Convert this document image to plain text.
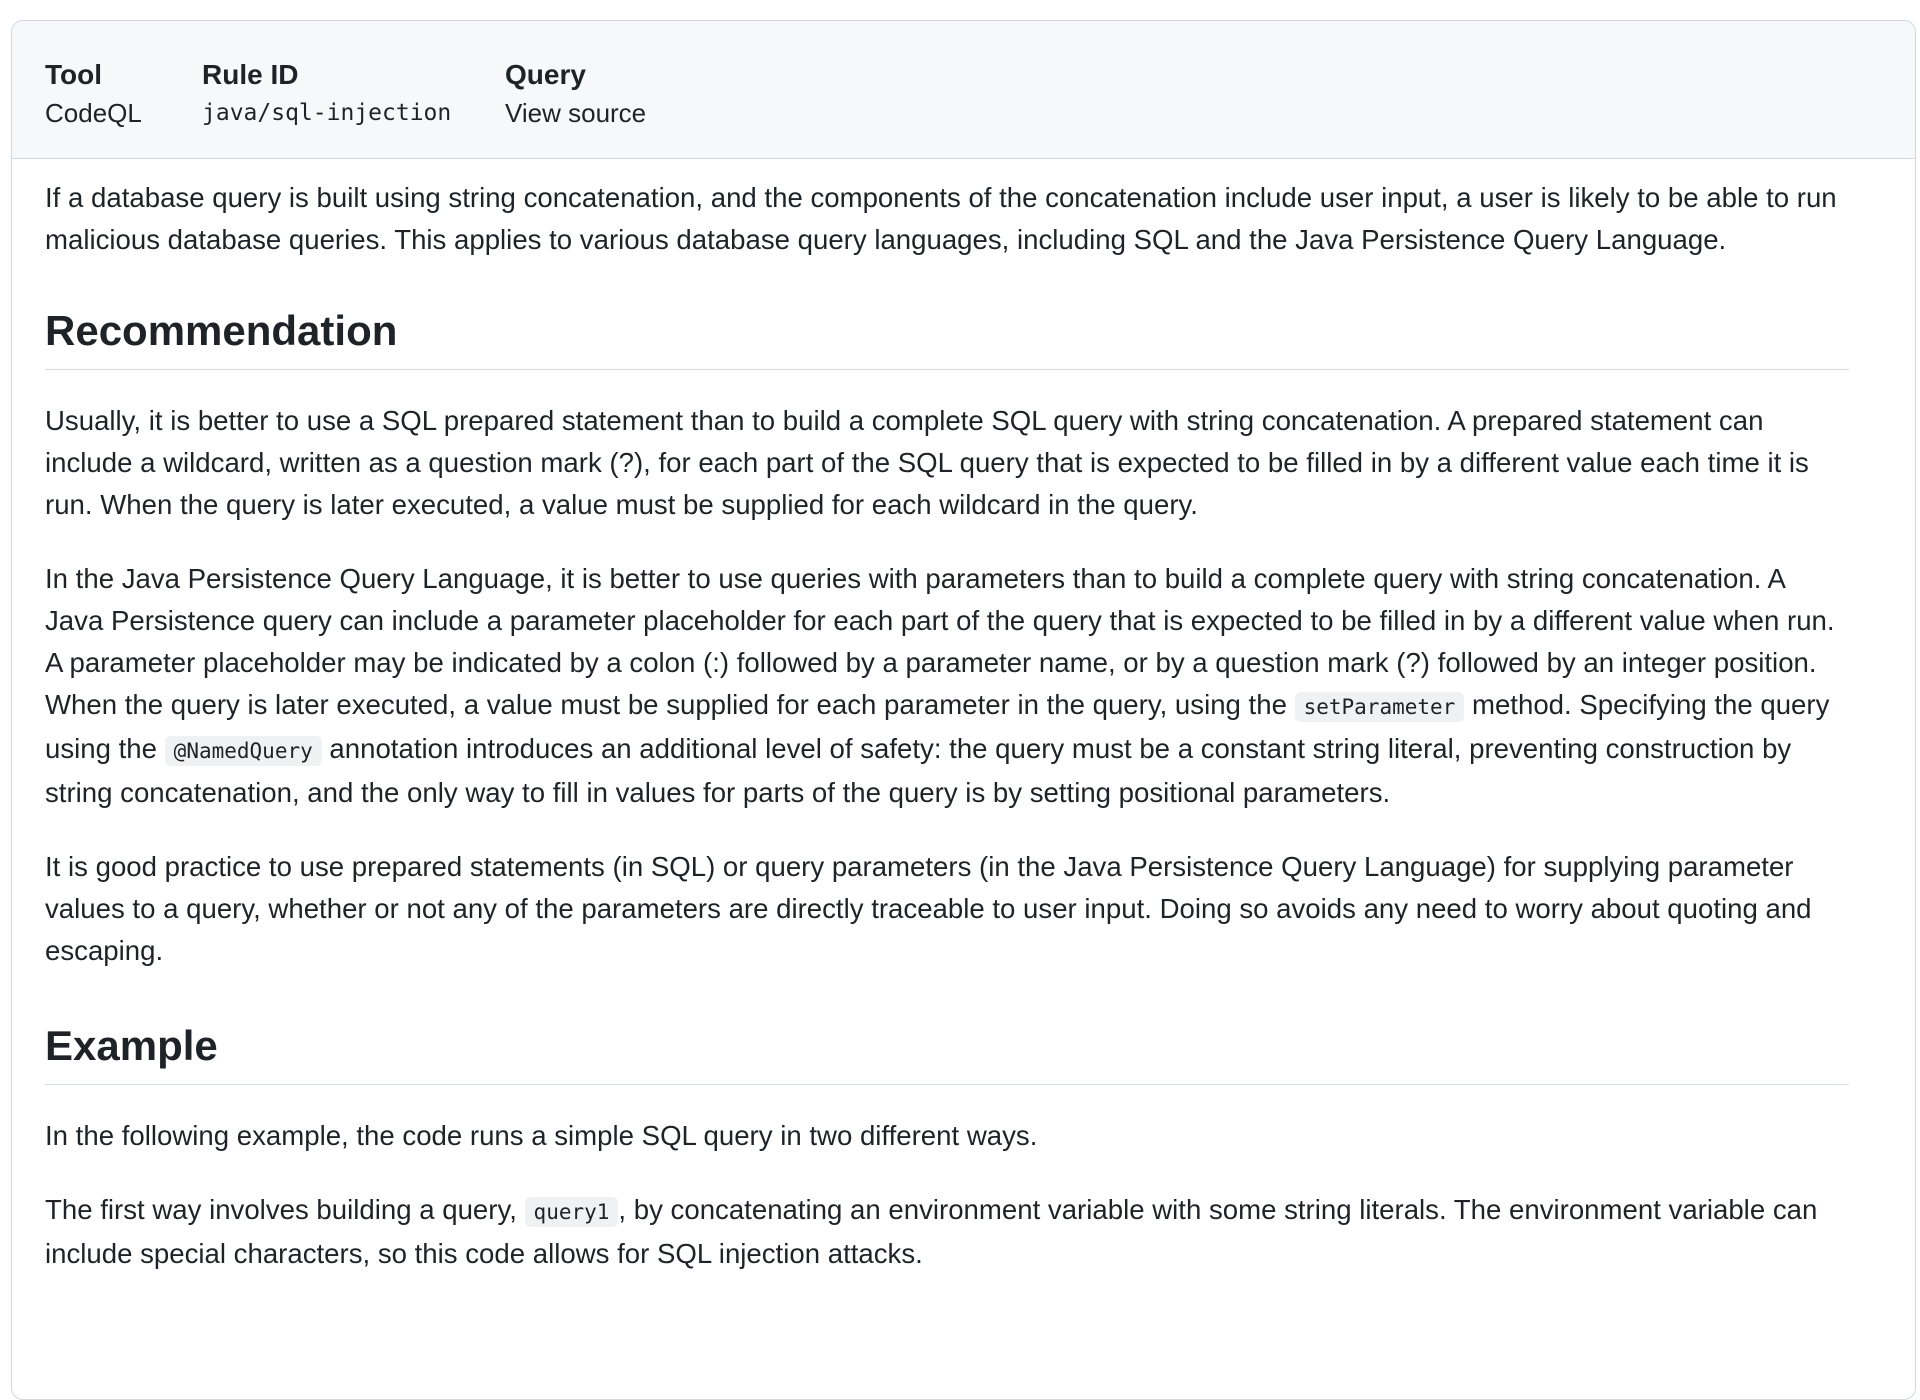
Tool
CodeQL
Rule ID
java/sql-injection
Query
View source

If a database query is built using string concatenation, and the components of the concatenation include user input, a user is likely to be able to run malicious database queries. This applies to various database query languages, including SQL and the Java Persistence Query Language.

Recommendation

Usually, it is better to use a SQL prepared statement than to build a complete SQL query with string concatenation. A prepared statement can include a wildcard, written as a question mark (?), for each part of the SQL query that is expected to be filled in by a different value each time it is run. When the query is later executed, a value must be supplied for each wildcard in the query.

In the Java Persistence Query Language, it is better to use queries with parameters than to build a complete query with string concatenation. A Java Persistence query can include a parameter placeholder for each part of the query that is expected to be filled in by a different value when run. A parameter placeholder may be indicated by a colon (:) followed by a parameter name, or by a question mark (?) followed by an integer position. When the query is later executed, a value must be supplied for each parameter in the query, using the setParameter method. Specifying the query using the @NamedQuery annotation introduces an additional level of safety: the query must be a constant string literal, preventing construction by string concatenation, and the only way to fill in values for parts of the query is by setting positional parameters.

It is good practice to use prepared statements (in SQL) or query parameters (in the Java Persistence Query Language) for supplying parameter values to a query, whether or not any of the parameters are directly traceable to user input. Doing so avoids any need to worry about quoting and escaping.

Example

In the following example, the code runs a simple SQL query in two different ways.

The first way involves building a query, query1 , by concatenating an environment variable with some string literals. The environment variable can include special characters, so this code allows for SQL injection attacks.
